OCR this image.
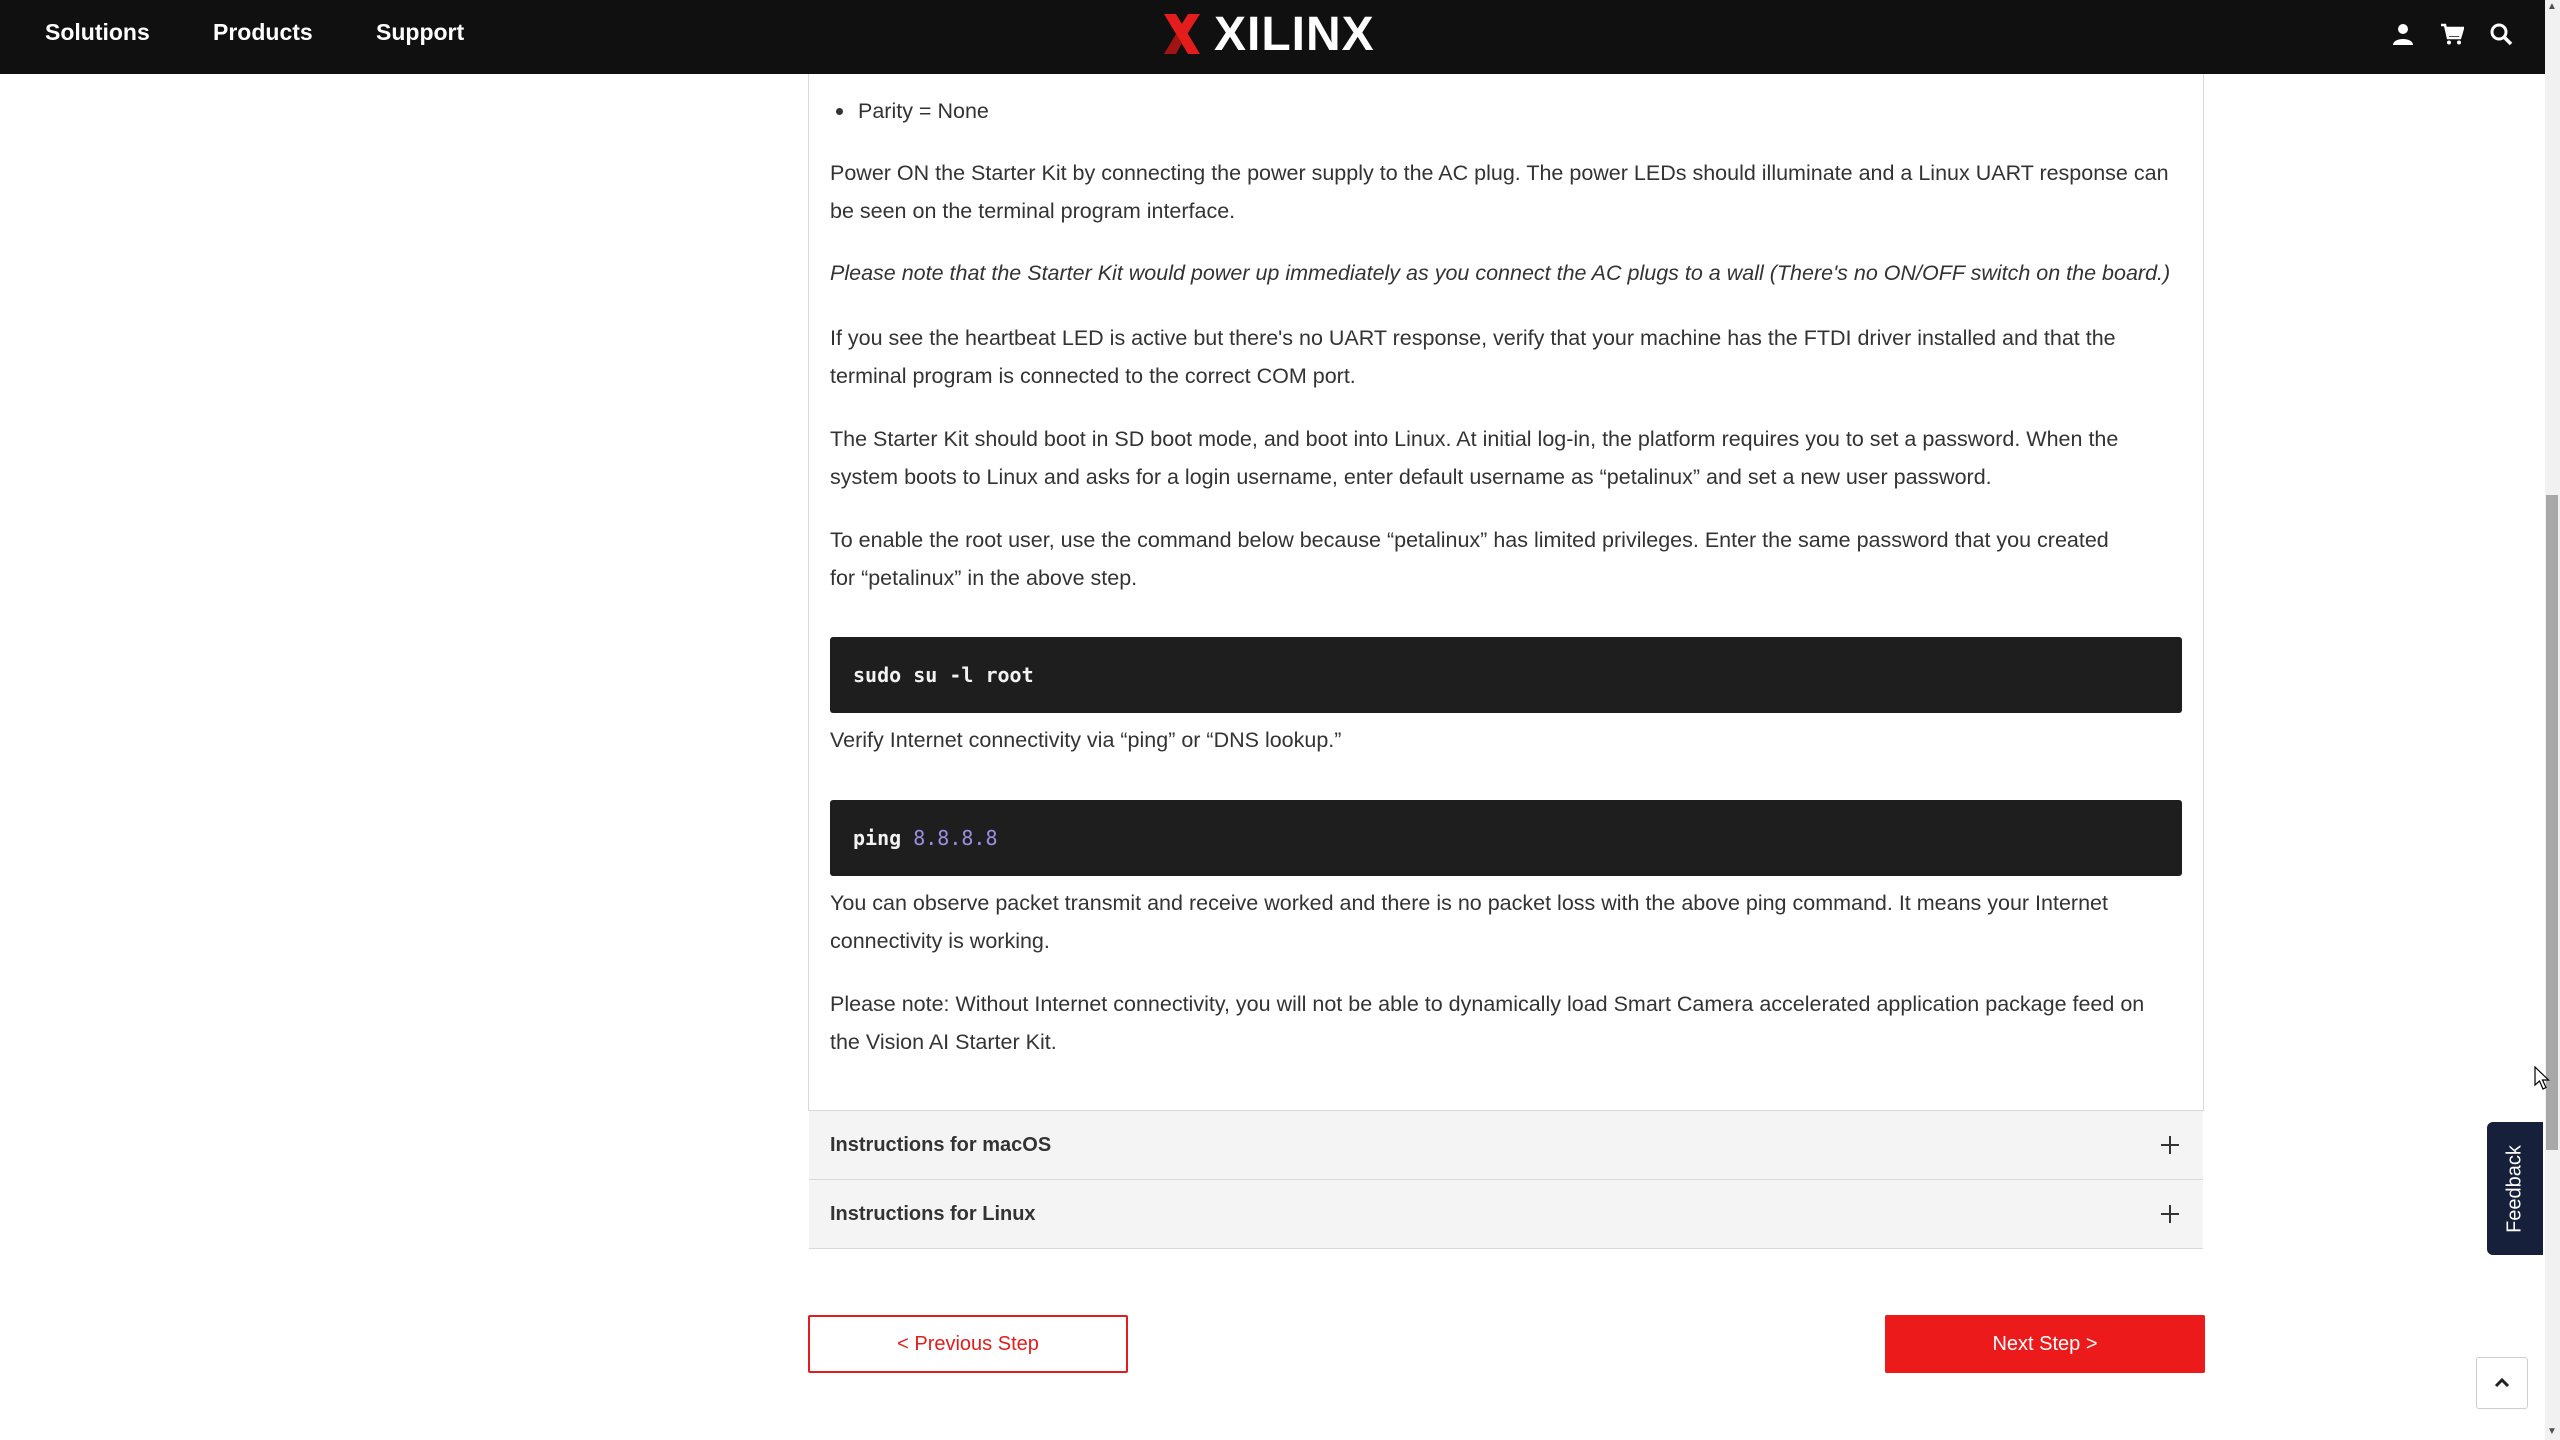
Solutions	Products	Support	XILINX
▲
▼
Parity = None

Power ON the Starter Kit by connecting the power supply to the AC plug. The power LEDs should illuminate and a Linux UART response can be seen on the terminal program interface.

Please note that the Starter Kit would power up immediately as you connect the AC plugs to a wall (There's no ON/OFF switch on the board.)

If you see the heartbeat LED is active but there's no UART response, verify that your machine has the FTDI driver installed and that the terminal program is connected to the correct COM port.

The Starter Kit should boot in SD boot mode, and boot into Linux. At initial log-in, the platform requires you to set a password. When the system boots to Linux and asks for a login username, enter default username as “petalinux” and set a new user password.

To enable the root user, use the command below because “petalinux” has limited privileges. Enter the same password that you created for “petalinux” in the above step.

sudo su -l root

Verify Internet connectivity via “ping” or “DNS lookup.”

ping 8.8.8.8

You can observe packet transmit and receive worked and there is no packet loss with the above ping command. It means your Internet connectivity is working.

Please note: Without Internet connectivity, you will not be able to dynamically load Smart Camera accelerated application package feed on the Vision AI Starter Kit.

Instructions for macOS
Instructions for Linux
< Previous Step	Next Step >
Feedback
